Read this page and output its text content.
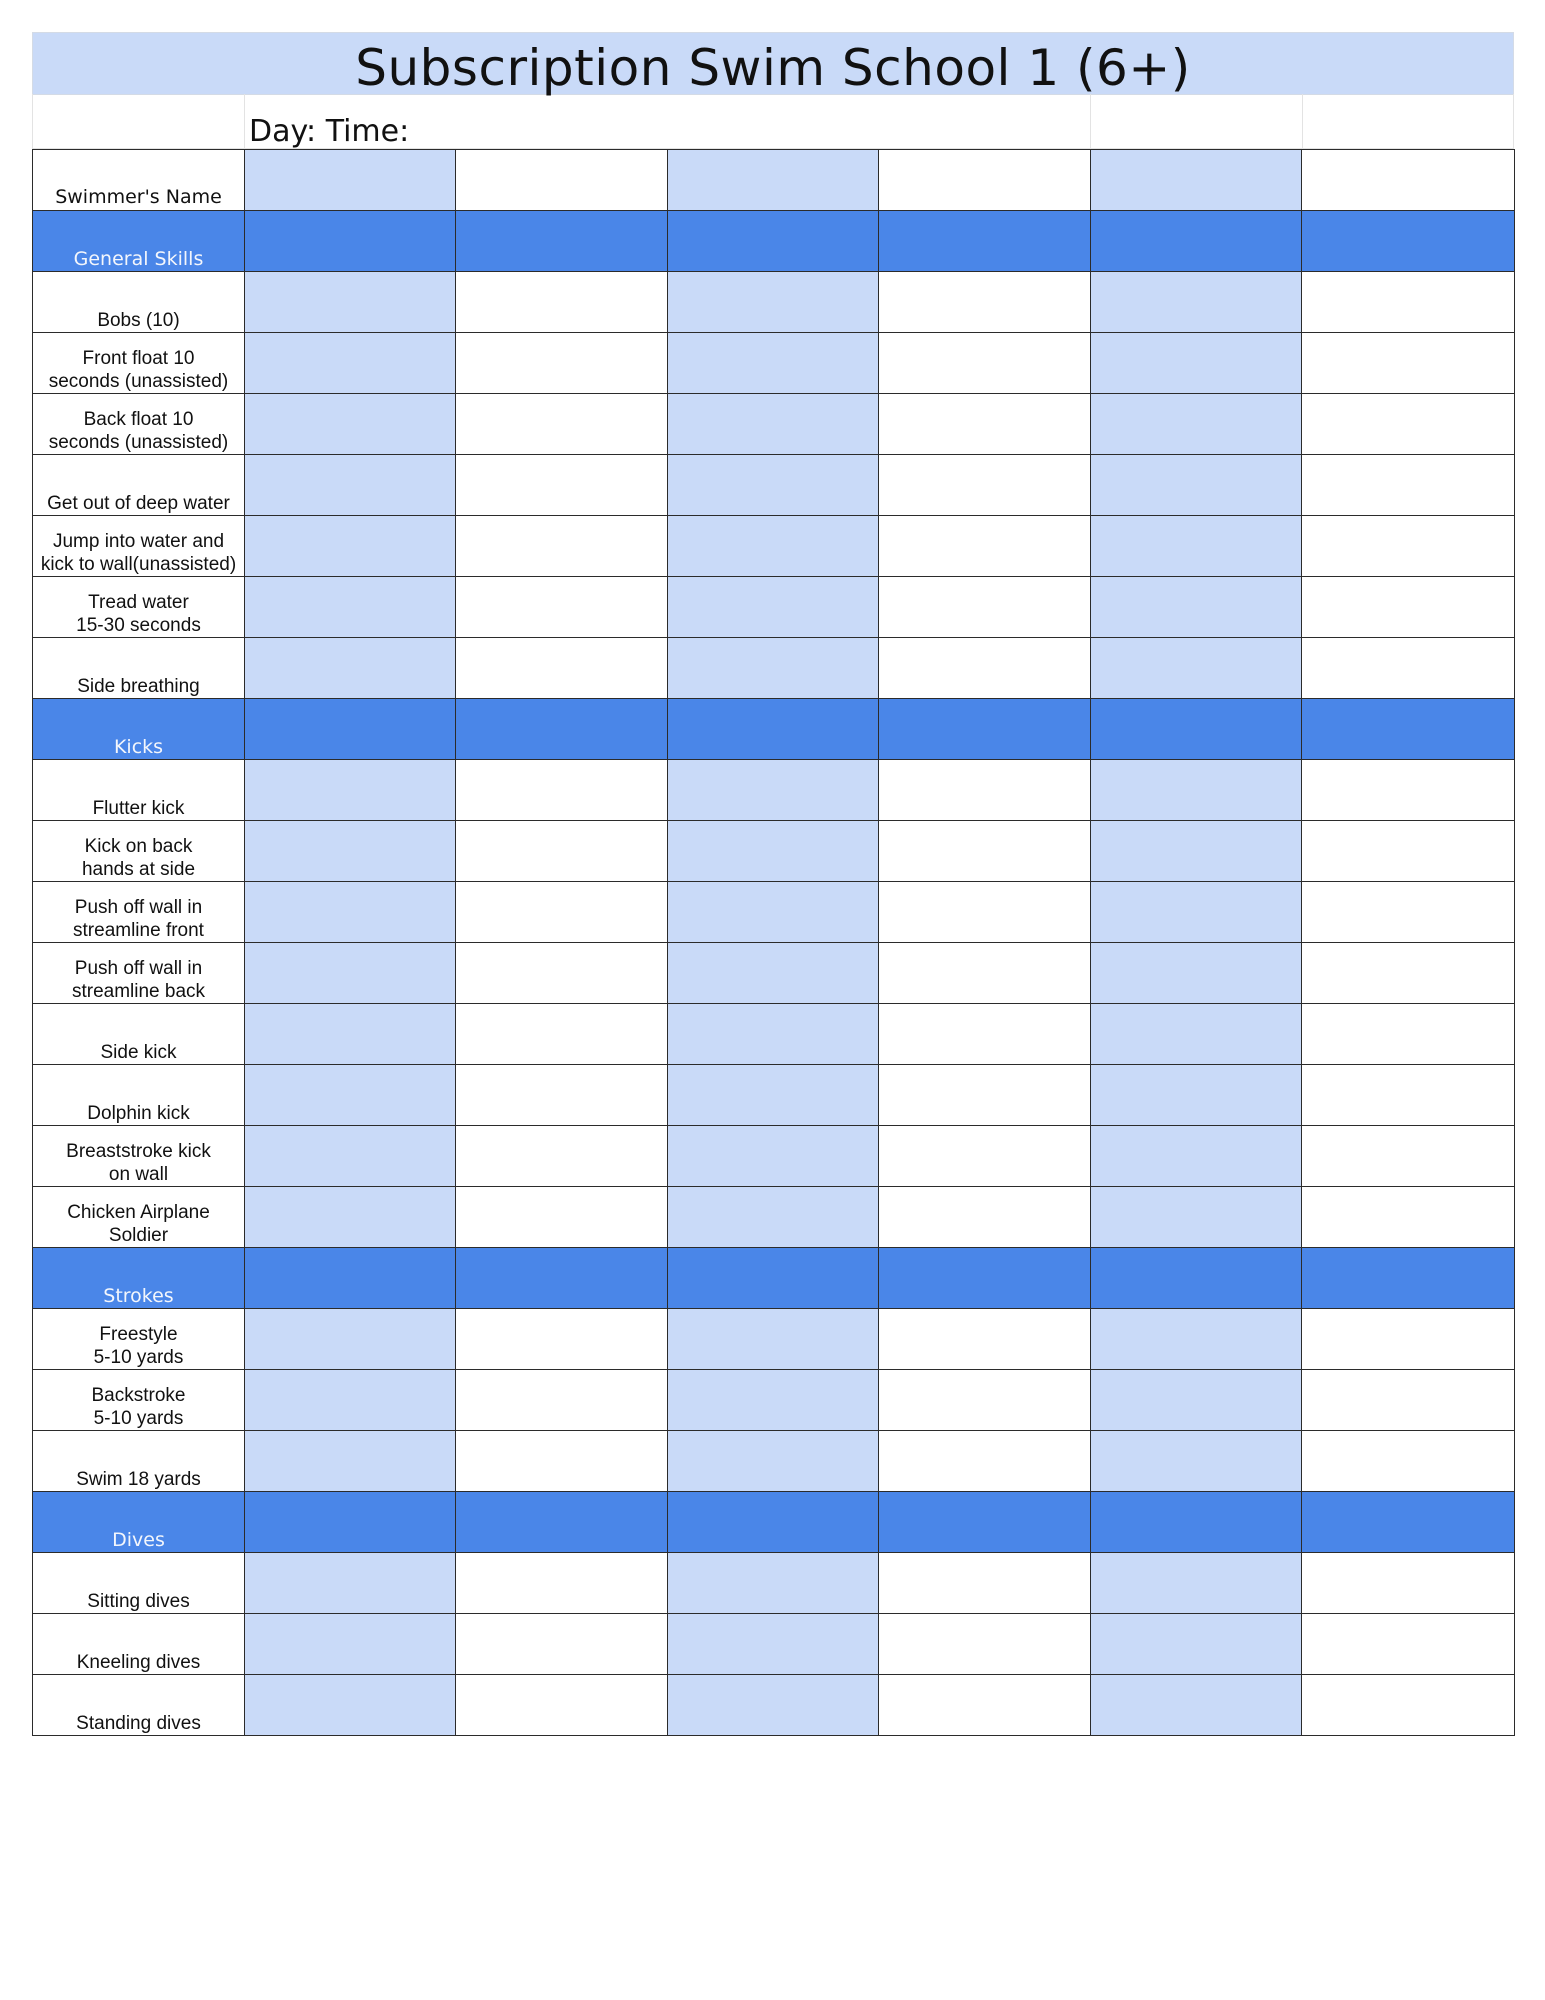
Subscription Swim School 1 (6+)
Day: Time:
Swimmer's Name						

General Skills						

Bobs (10)						

Front float 10
seconds (unassisted)						

Back float 10
seconds (unassisted)						

Get out of deep water						

Jump into water and
kick to wall(unassisted)						

Tread water
15-30 seconds						

Side breathing						

Kicks						

Flutter kick						

Kick on back
hands at side						

Push off wall in
streamline front						

Push off wall in
streamline back						

Side kick						

Dolphin kick						

Breaststroke kick
on wall						

Chicken Airplane
Soldier						

Strokes						

Freestyle
5-10 yards						

Backstroke
5-10 yards						

Swim 18 yards						

Dives						

Sitting dives						

Kneeling dives						

Standing dives						
